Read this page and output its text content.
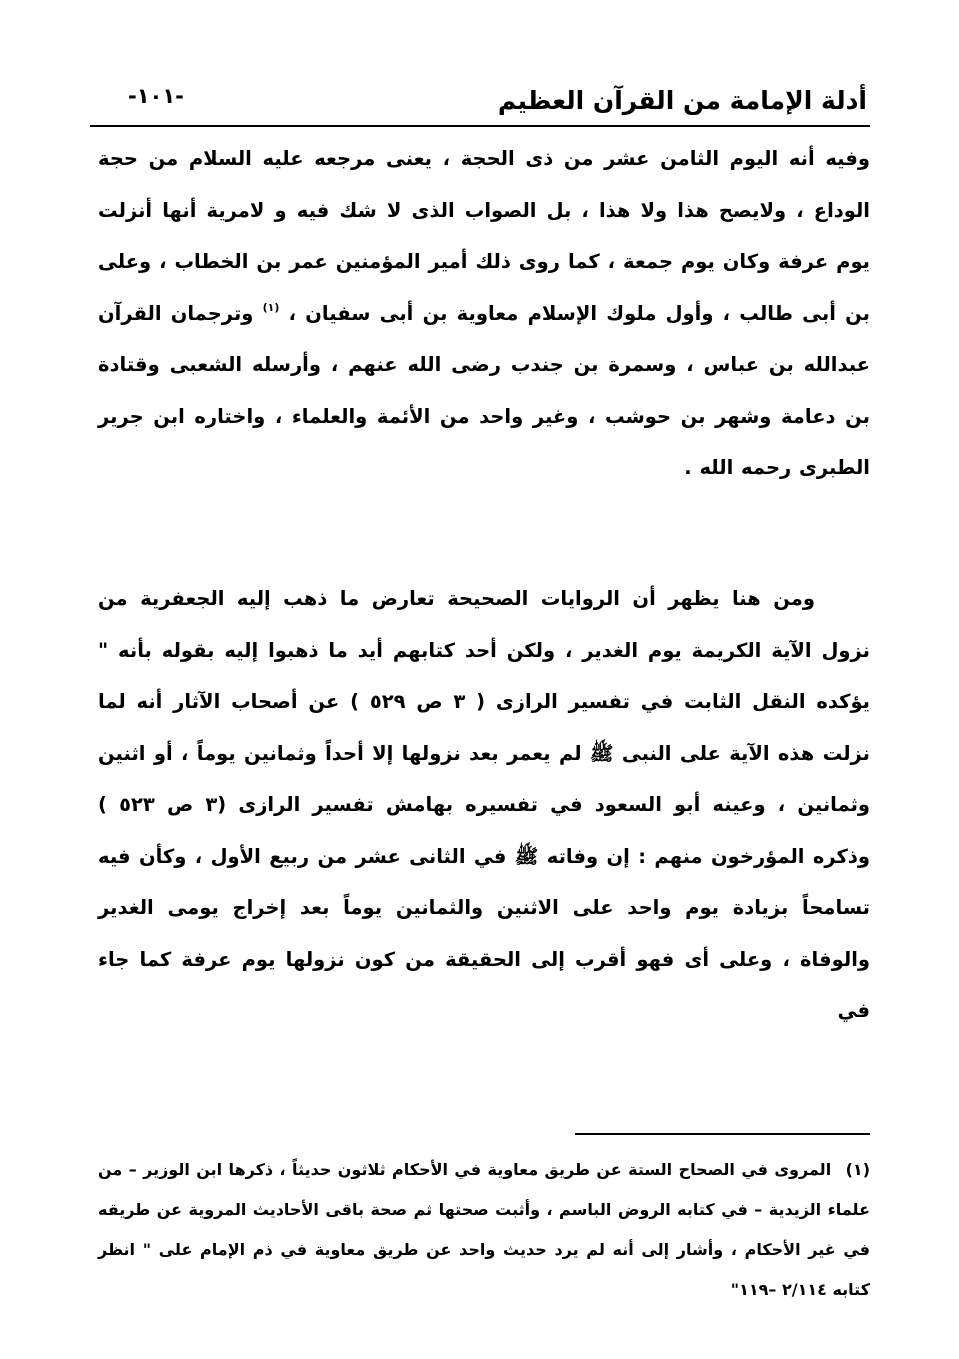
أدلة الإمامة من القرآن العظيم
-١٠١-
وفيه أنه اليوم الثامن عشر من ذى الحجة ، يعنى مرجعه عليه السلام من حجة الوداع ، ولايصح هذا ولا هذا ، بل الصواب الذى لا شك فيه و لامرية أنها أنزلت يوم عرفة وكان يوم جمعة ، كما روى ذلك أمير المؤمنين عمر بن الخطاب ، وعلى بن أبى طالب ، وأول ملوك الإسلام معاوية بن أبى سفيان ، $^{(١)}$ وترجمان القرآن عبدالله بن عباس ، وسمرة بن جندب رضى الله عنهم ، وأرسله الشعبى وقتادة بن دعامة وشهر بن حوشب ، وغير واحد من الأئمة والعلماء ، واختاره ابن جرير الطبرى رحمه الله .
ومن هنا يظهر أن الروايات الصحيحة تعارض ما ذهب إليه الجعفرية من نزول الآية الكريمة يوم الغدير ، ولكن أحد كتابهم أيد ما ذهبوا إليه بقوله بأنه " يؤكده النقل الثابت في تفسير الرازى ( ٣ ص ٥٢٩ ) عن أصحاب الآثار أنه لما نزلت هذه الآية على النبى ﷺ لم يعمر بعد نزولها إلا أحداً وثمانين يوماً ، أو اثنين وثمانين ، وعينه أبو السعود في تفسيره بهامش تفسير الرازى (٣ ص ٥٢٣ ) وذكره المؤرخون منهم : إن وفاته ﷺ في الثانى عشر من ربيع الأول ، وكأن فيه تسامحاً بزيادة يوم واحد على الاثنين والثمانين يوماً بعد إخراج يومى الغدير والوفاة ، وعلى أى فهو أقرب إلى الحقيقة من كون نزولها يوم عرفة كما جاء في
(١) المروى في الصحاح الستة عن طريق معاوية في الأحكام ثلاثون حديثاً ، ذكرها ابن الوزير – من علماء الزيدية – في كتابه الروض الباسم ، وأثبت صحتها ثم صحة باقى الأحاديث المروية عن طريقه في غير الأحكام ، وأشار إلى أنه لم يرد حديث واحد عن طريق معاوية في ذم الإمام على " انظر كتابه ٢/١١٤ –١١٩"
